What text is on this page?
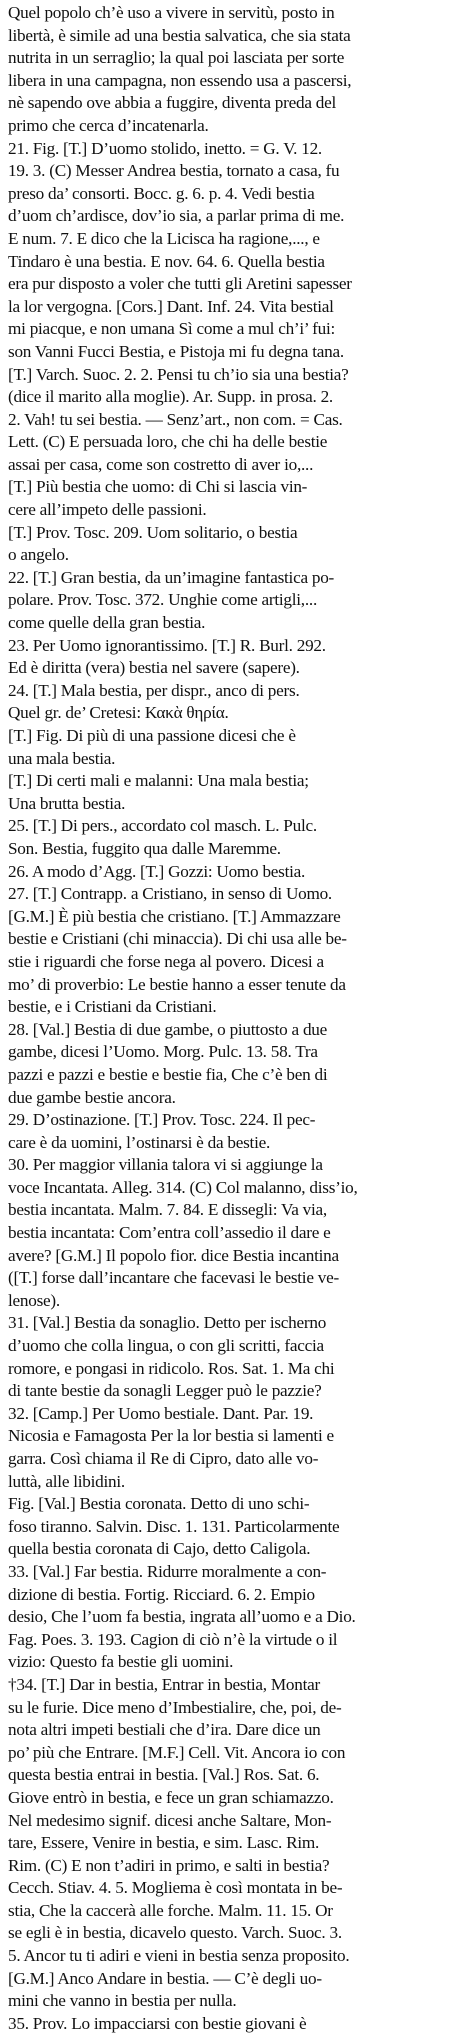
Quel popolo ch’è uso a vivere in servitù, posto in
libertà, è simile ad una bestia salvatica, che sia stata
nutrita in un serraglio; la qual poi lasciata per sorte
libera in una campagna, non essendo usa a pascersi,
nè sapendo ove abbia a fuggire, diventa preda del
primo che cerca d’incatenarla.
21. Fig. [T.] D’uomo stolido, inetto. = G. V. 12.
19. 3. (C) Messer Andrea bestia, tornato a casa, fu
preso da’ consorti. Bocc. g. 6. p. 4. Vedi bestia
d’uom ch’ardisce, dov’io sia, a parlar prima di me.
E num. 7. E dico che la Licisca ha ragione,..., e
Tindaro è una bestia. E nov. 64. 6. Quella bestia
era pur disposto a voler che tutti gli Aretini sapesser
la lor vergogna. [Cors.] Dant. Inf. 24. Vita bestial
mi piacque, e non umana Sì come a mul ch’i’ fui:
son Vanni Fucci Bestia, e Pistoja mi fu degna tana.
[T.] Varch. Suoc. 2. 2. Pensi tu ch’io sia una bestia?
(dice il marito alla moglie). Ar. Supp. in prosa. 2.
2. Vah! tu sei bestia. — Senz’art., non com. = Cas.
Lett. (C) E persuada loro, che chi ha delle bestie
assai per casa, come son costretto di aver io,...
[T.] Più bestia che uomo: di Chi si lascia vin-
cere all’impeto delle passioni.
[T.] Prov. Tosc. 209. Uom solitario, o bestia
o angelo.
22. [T.] Gran bestia, da un’imagine fantastica po-
polare. Prov. Tosc. 372. Unghie come artigli,...
come quelle della gran bestia.
23. Per Uomo ignorantissimo. [T.] R. Burl. 292.
Ed è diritta (vera) bestia nel savere (sapere).
24. [T.] Mala bestia, per dispr., anco di pers.
Quel gr. de’ Cretesi: Κακὰ θηρία.
[T.] Fig. Di più di una passione dicesi che è
una mala bestia.
[T.] Di certi mali e malanni: Una mala bestia;
Una brutta bestia.
25. [T.] Di pers., accordato col masch. L. Pulc.
Son. Bestia, fuggito qua dalle Maremme.
26. A modo d’Agg. [T.] Gozzi: Uomo bestia.
27. [T.] Contrapp. a Cristiano, in senso di Uomo.
[G.M.] È più bestia che cristiano. [T.] Ammazzare
bestie e Cristiani (chi minaccia). Di chi usa alle be-
stie i riguardi che forse nega al povero. Dicesi a
mo’ di proverbio: Le bestie hanno a esser tenute da
bestie, e i Cristiani da Cristiani.
28. [Val.] Bestia di due gambe, o piuttosto a due
gambe, dicesi l’Uomo. Morg. Pulc. 13. 58. Tra
pazzi e pazzi e bestie e bestie fia, Che c’è ben di
due gambe bestie ancora.
29. D’ostinazione. [T.] Prov. Tosc. 224. Il pec-
care è da uomini, l’ostinarsi è da bestie.
30. Per maggior villania talora vi si aggiunge la
voce Incantata. Alleg. 314. (C) Col malanno, diss’io,
bestia incantata. Malm. 7. 84. E dissegli: Va via,
bestia incantata: Com’entra coll’assedio il dare e
avere? [G.M.] Il popolo fior. dice Bestia incantina
([T.] forse dall’incantare che facevasi le bestie ve-
lenose).
31. [Val.] Bestia da sonaglio. Detto per ischerno
d’uomo che colla lingua, o con gli scritti, faccia
romore, e pongasi in ridicolo. Ros. Sat. 1. Ma chi
di tante bestie da sonagli Legger può le pazzie?
32. [Camp.] Per Uomo bestiale. Dant. Par. 19.
Nicosia e Famagosta Per la lor bestia si lamenti e
garra. Così chiama il Re di Cipro, dato alle vo-
luttà, alle libidini.
Fig. [Val.] Bestia coronata. Detto di uno schi-
foso tiranno. Salvin. Disc. 1. 131. Particolarmente
quella bestia coronata di Cajo, detto Caligola.
33. [Val.] Far bestia. Ridurre moralmente a con-
dizione di bestia. Fortig. Ricciard. 6. 2. Empio
desio, Che l’uom fa bestia, ingrata all’uomo e a Dio.
Fag. Poes. 3. 193. Cagion di ciò n’è la virtude o il
vizio: Questo fa bestie gli uomini.
†34. [T.] Dar in bestia, Entrar in bestia, Montar
su le furie. Dice meno d’Imbestialire, che, poi, de-
nota altri impeti bestiali che d’ira. Dare dice un
po’ più che Entrare. [M.F.] Cell. Vit. Ancora io con
questa bestia entrai in bestia. [Val.] Ros. Sat. 6.
Giove entrò in bestia, e fece un gran schiamazzo.
Nel medesimo signif. dicesi anche Saltare, Mon-
tare, Essere, Venire in bestia, e sim. Lasc. Rim.
Rim. (C) E non t’adiri in primo, e salti in bestia?
Cecch. Stiav. 4. 5. Mogliema è così montata in be-
stia, Che la caccerà alle forche. Malm. 11. 15. Or
se egli è in bestia, dicavelo questo. Varch. Suoc. 3.
5. Ancor tu ti adiri e vieni in bestia senza proposito.
[G.M.] Anco Andare in bestia. — C’è degli uo-
mini che vanno in bestia per nulla.
35. Prov. Lo impacciarsi con bestie giovani è
